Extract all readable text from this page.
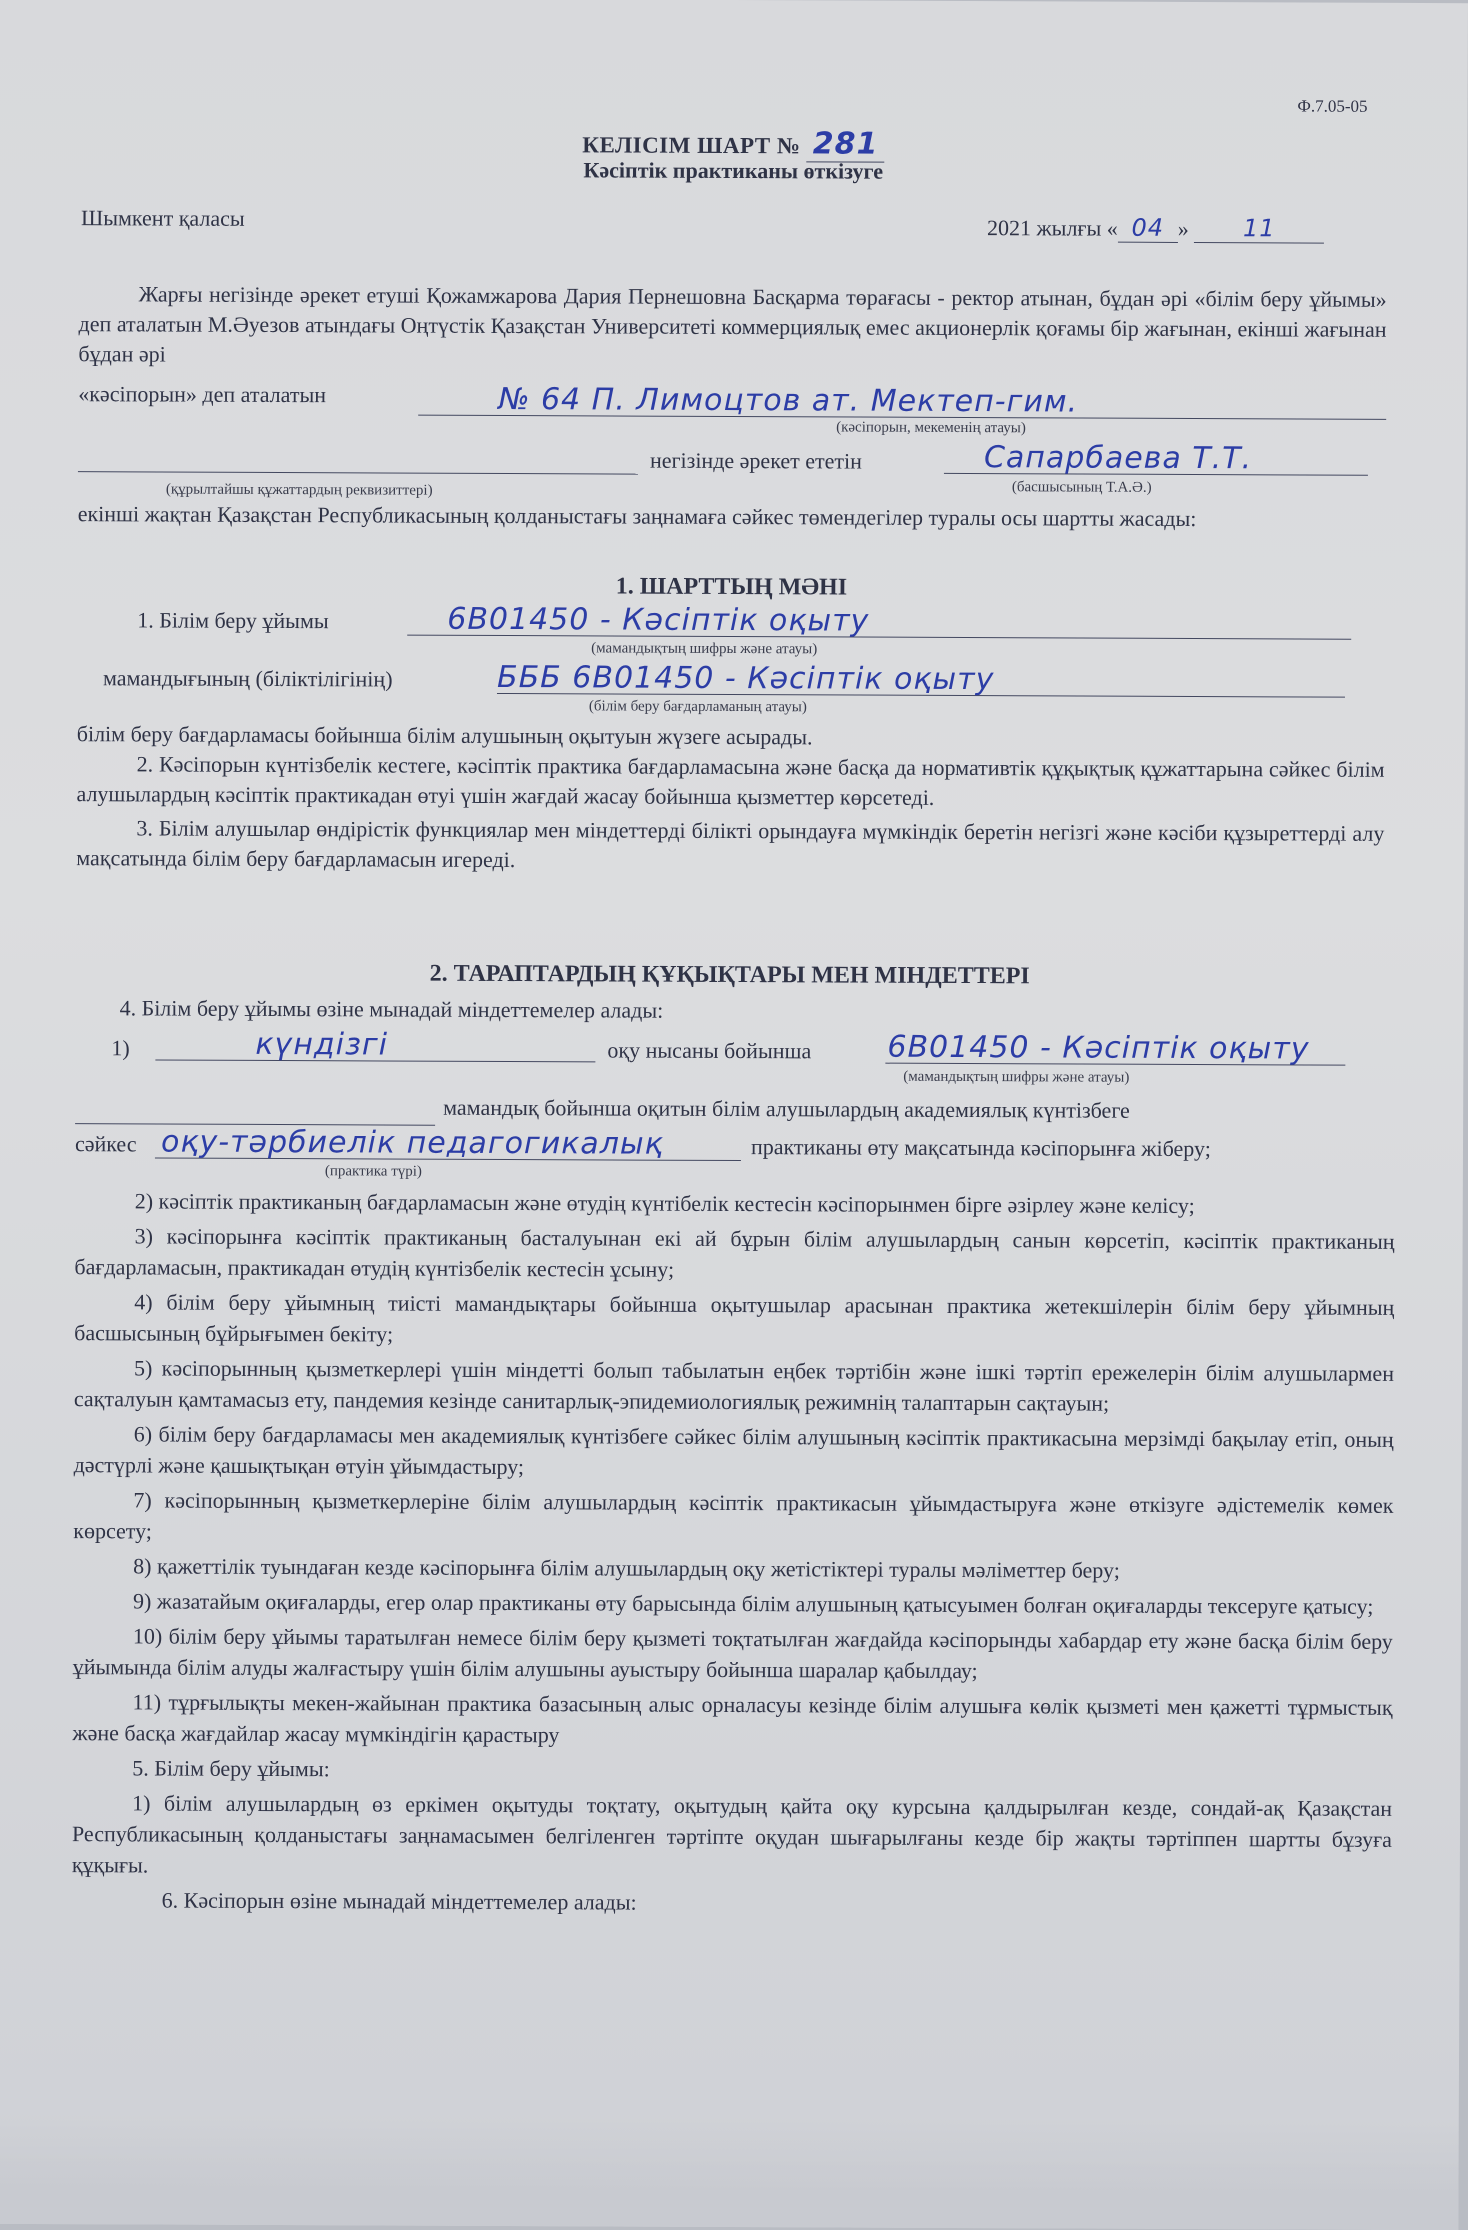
Ф.7.05-05
КЕЛІСІМ ШАРТ № 281
Кәсіптік практиканы өткізуге
Шымкент қаласы	2021 жылғы « 04 » 11

Жарғы негізінде әрекет етуші Қожамжарова Дария Пернешовна Басқарма төрағасы - ректор атынан, бұдан әрі «білім беру ұйымы» деп аталатын М.Әуезов атындағы Оңтүстік Қазақстан Университеті коммерциялық емес акционерлік қоғамы бір жағынан, екінші жағынан бұдан әрі

«кәсіпорын» деп аталатын	№ 64 П. Лимоцтов ат. Мектеп-гим.
(кәсіпорын, мекеменің атауы)
негізінде әрекет ететін	Сапарбаева Т.Т.
(құрылтайшы құжаттардың реквизиттері)	(басшысының Т.А.Ә.)

екінші жақтан Қазақстан Республикасының қолданыстағы заңнамаға сәйкес төмендегілер туралы осы шартты жасады:

1. ШАРТТЫҢ МӘНІ
1. Білім беру ұйымы	6В01450 - Кәсіптік оқыту
(мамандықтың шифры және атауы)
мамандығының (біліктілігінің)	БББ 6В01450 - Кәсіптік оқыту
(білім беру бағдарламаның атауы)

білім беру бағдарламасы бойынша білім алушының оқытуын жүзеге асырады.

2. Кәсіпорын күнтізбелік кестеге, кәсіптік практика бағдарламасына және басқа да нормативтік құқықтық құжаттарына сәйкес білім алушылардың кәсіптік практикадан өтуі үшін жағдай жасау бойынша қызметтер көрсетеді.

3. Білім алушылар өндірістік функциялар мен міндеттерді білікті орындауға мүмкіндік беретін негізгі және кәсіби құзыреттерді алу мақсатында білім беру бағдарламасын игереді.

2. ТАРАПТАРДЫҢ ҚҰҚЫҚТАРЫ МЕН МІНДЕТТЕРІ
4. Білім беру ұйымы өзіне мынадай міндеттемелер алады:
1)	күндізгі	оқу нысаны бойынша	6В01450 - Кәсіптік оқыту
(мамандықтың шифры және атауы)
мамандық бойынша оқитын білім алушылардың академиялық күнтізбеге
сәйкес оқу-тәрбиелік педагогикалық	практиканы өту мақсатында кәсіпорынға жіберу;
(практика түрі)

2) кәсіптік практиканың бағдарламасын және өтудің күнтібелік кестесін кәсіпорынмен бірге әзірлеу және келісу;

3) кәсіпорынға кәсіптік практиканың басталуынан екі ай бұрын білім алушылардың санын көрсетіп, кәсіптік практиканың бағдарламасын, практикадан өтудің күнтізбелік кестесін ұсыну;

4) білім беру ұйымның тиісті мамандықтары бойынша оқытушылар арасынан практика жетекшілерін білім беру ұйымның басшысының бұйрығымен бекіту;

5) кәсіпорынның қызметкерлері үшін міндетті болып табылатын еңбек тәртібін және ішкі тәртіп ережелерін білім алушылармен сақталуын қамтамасыз ету, пандемия кезінде санитарлық-эпидемиологиялық режимнің талаптарын сақтауын;

6) білім беру бағдарламасы мен академиялық күнтізбеге сәйкес білім алушының кәсіптік практикасына мерзімді бақылау етіп, оның дәстүрлі және қашықтықан өтуін ұйымдастыру;

7) кәсіпорынның қызметкерлеріне білім алушылардың кәсіптік практикасын ұйымдастыруға және өткізуге әдістемелік көмек көрсету;

8) қажеттілік туындаған кезде кәсіпорынға білім алушылардың оқу жетістіктері туралы мәліметтер беру;

9) жазатайым оқиғаларды, егер олар практиканы өту барысында білім алушының қатысуымен болған оқиғаларды тексеруге қатысу;

10) білім беру ұйымы таратылған немесе білім беру қызметі тоқтатылған жағдайда кәсіпорынды хабардар ету және басқа білім беру ұйымында білім алуды жалғастыру үшін білім алушыны ауыстыру бойынша шаралар қабылдау;

11) тұрғылықты мекен-жайынан практика базасының алыс орналасуы кезінде білім алушыға көлік қызметі мен қажетті тұрмыстық және басқа жағдайлар жасау мүмкіндігін қарастыру

5. Білім беру ұйымы:

1) білім алушылардың өз еркімен оқытуды тоқтату, оқытудың қайта оқу курсына қалдырылған кезде, сондай-ақ Қазақстан Республикасының қолданыстағы заңнамасымен белгіленген тәртіпте оқудан шығарылғаны кезде бір жақты тәртіппен шартты бұзуға құқығы.

6. Кәсіпорын өзіне мынадай міндеттемелер алады:
